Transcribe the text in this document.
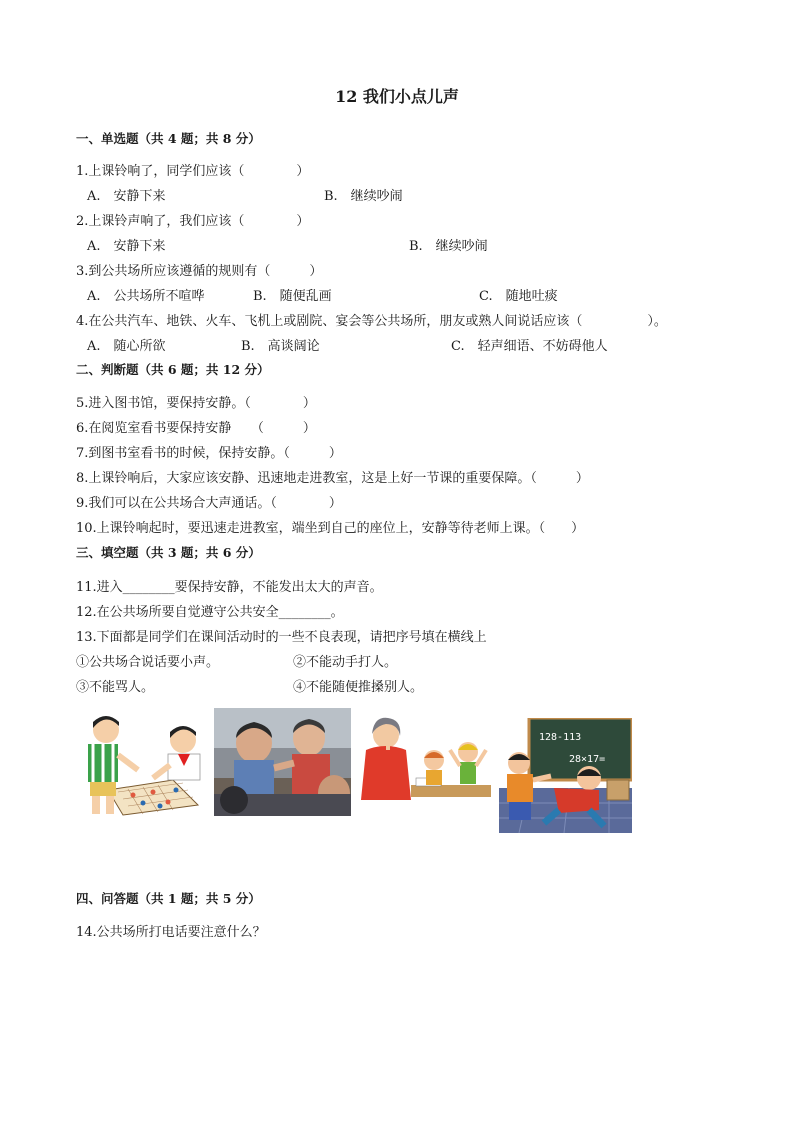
12 我们小点儿声
一、单选题（共 4 题；共 8 分）
1.上课铃响了，同学们应该（　　　　）
A.　安静下来	B.　继续吵闹
2.上课铃声响了，我们应该（　　　　）
A.　安静下来	B.　继续吵闹
3.到公共场所应该遵循的规则有（　　　）
A.　公共场所不喧哗	B.　随便乱画	C.　随地吐痰
4.在公共汽车、地铁、火车、飞机上或剧院、宴会等公共场所，朋友或熟人间说话应该（　　　　　）。
A.　随心所欲	B.　高谈阔论	C.　轻声细语、不妨碍他人
二、判断题（共 6 题；共 12 分）
5.进入图书馆，要保持安静。（　　　　）
6.在阅览室看书要保持安静　　（　　　）
7.到图书室看书的时候，保持安静。（　　　）
8.上课铃响后，大家应该安静、迅速地走进教室，这是上好一节课的重要保障。（　　　）
9.我们可以在公共场合大声通话。（　　　　）
10.上课铃响起时，要迅速走进教室，端坐到自己的座位上，安静等待老师上课。（　　）
三、填空题（共 3 题；共 6 分）
11.进入________要保持安静，不能发出太大的声音。
12.在公共场所要自觉遵守公共安全________。
13.下面都是同学们在课间活动时的一些不良表现，请把序号填在横线上
①公共场合说话要小声。	②不能动手打人。
③不能骂人。	④不能随便推搡别人。
128-113
28×17=
四、问答题（共 1 题；共 5 分）
14.公共场所打电话要注意什么？
